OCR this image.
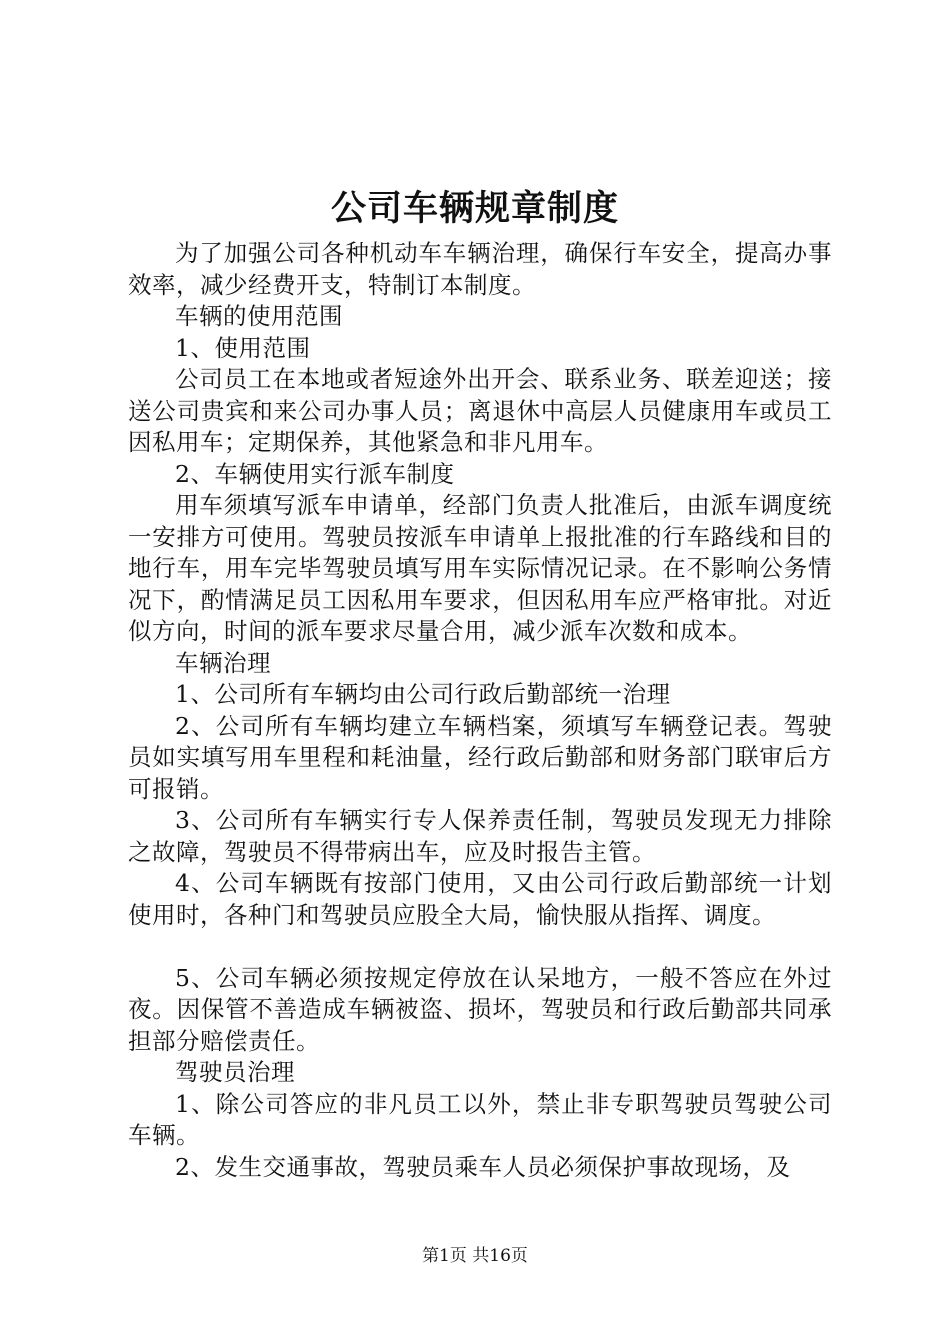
公司车辆规章制度

为了加强公司各种机动车车辆治理，确保行车安全，提高办事效率，减少经费开支，特制订本制度。

车辆的使用范围

1、使用范围

公司员工在本地或者短途外出开会、联系业务、联差迎送；接送公司贵宾和来公司办事人员；离退休中高层人员健康用车或员工因私用车；定期保养，其他紧急和非凡用车。

2、车辆使用实行派车制度

用车须填写派车申请单，经部门负责人批准后，由派车调度统一安排方可使用。驾驶员按派车申请单上报批准的行车路线和目的地行车，用车完毕驾驶员填写用车实际情况记录。在不影响公务情况下，酌情满足员工因私用车要求，但因私用车应严格审批。对近似方向，时间的派车要求尽量合用，减少派车次数和成本。

车辆治理

1、公司所有车辆均由公司行政后勤部统一治理

2、公司所有车辆均建立车辆档案，须填写车辆登记表。驾驶员如实填写用车里程和耗油量，经行政后勤部和财务部门联审后方可报销。

3、公司所有车辆实行专人保养责任制，驾驶员发现无力排除之故障，驾驶员不得带病出车，应及时报告主管。

4、公司车辆既有按部门使用，又由公司行政后勤部统一计划使用时，各种门和驾驶员应股全大局，愉快服从指挥、调度。

5、公司车辆必须按规定停放在认呆地方，一般不答应在外过夜。因保管不善造成车辆被盗、损坏，驾驶员和行政后勤部共同承担部分赔偿责任。

驾驶员治理

1、除公司答应的非凡员工以外，禁止非专职驾驶员驾驶公司车辆。

2、发生交通事故，驾驶员乘车人员必须保护事故现场，及

第1页 共16页
